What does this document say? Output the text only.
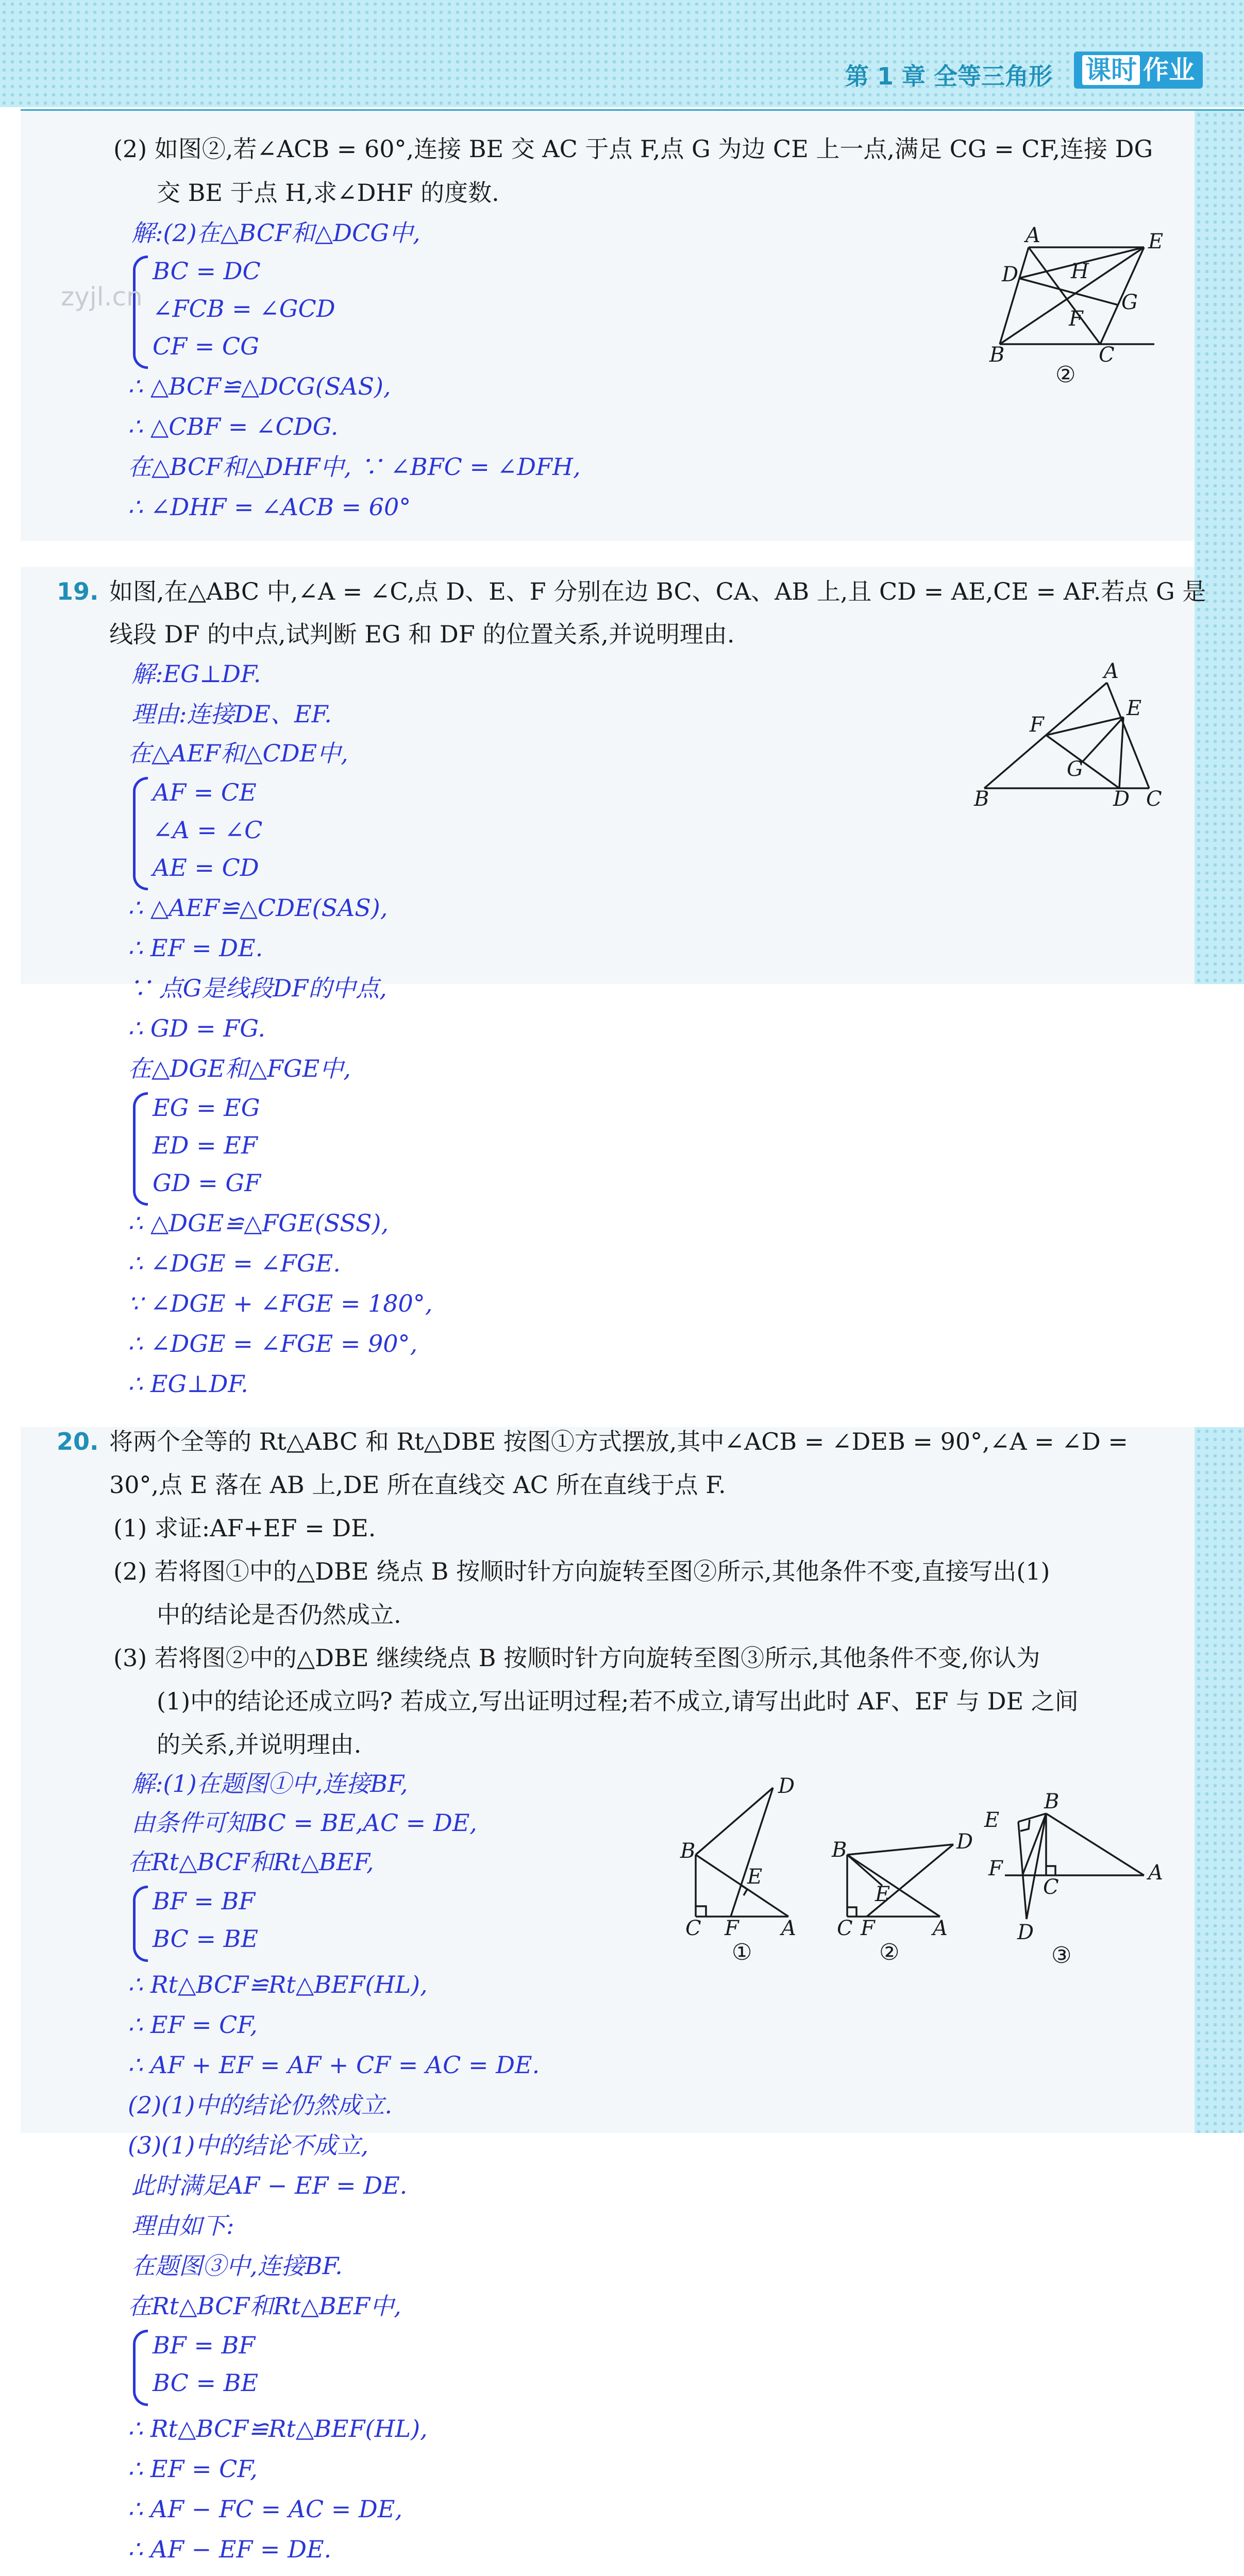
第 1 章 全等三角形	课时 作业
(2) 如图②,若∠ACB = 60°,连接 BE 交 AC 于点 F,点 G 为边 CE 上一点,满足 CG = CF,连接 DG
交 BE 于点 H,求∠DHF 的度数.
解:(2)在△BCF和△DCG中,
BC = DC
∠FCB = ∠GCD
CF = CG
∴ △BCF≌△DCG(SAS),
∴ △CBF = ∠CDG.
在△BCF和△DHF中, ∵ ∠BFC = ∠DFH,
∴ ∠DHF = ∠ACB = 60°
A	E
D	H
G
F
B	C
②
19. 如图,在△ABC 中,∠A = ∠C,点 D、E、F 分别在边 BC、CA、AB 上,且 CD = AE,CE = AF.若点 G 是
线段 DF 的中点,试判断 EG 和 DF 的位置关系,并说明理由.
解:EG⊥DF.
理由:连接DE、EF.
在△AEF和△CDE中,
AF = CE
∠A = ∠C
AE = CD
∴ △AEF≌△CDE(SAS),
∴ EF = DE.
∵ 点G是线段DF的中点,
∴ GD = FG.
在△DGE和△FGE中,
EG = EG
ED = EF
GD = GF
∴ △DGE≌△FGE(SSS),
∴ ∠DGE = ∠FGE.
∵ ∠DGE + ∠FGE = 180°,
∴ ∠DGE = ∠FGE = 90°,
∴ EG⊥DF.
A
E
F
G
B	D C
20. 将两个全等的 Rt△ABC 和 Rt△DBE 按图①方式摆放,其中∠ACB = ∠DEB = 90°,∠A = ∠D =
30°,点 E 落在 AB 上,DE 所在直线交 AC 所在直线于点 F.
(1) 求证:AF+EF = DE.
(2) 若将图①中的△DBE 绕点 B 按顺时针方向旋转至图②所示,其他条件不变,直接写出(1)
中的结论是否仍然成立.
(3) 若将图②中的△DBE 继续绕点 B 按顺时针方向旋转至图③所示,其他条件不变,你认为
(1)中的结论还成立吗? 若成立,写出证明过程;若不成立,请写出此时 AF、EF 与 DE 之间
的关系,并说明理由.
解:(1)在题图①中,连接BF,
由条件可知BC = BE,AC = DE,
在Rt△BCF和Rt△BEF,
BF = BF
BC = BE
∴ Rt△BCF≌Rt△BEF(HL),
∴ EF = CF,
∴ AF + EF = AF + CF = AC = DE.
(2)(1)中的结论仍然成立.
(3)(1)中的结论不成立,
此时满足AF − EF = DE.
理由如下:
在题图③中,连接BF.
在Rt△BCF和Rt△BEF中,
BF = BF
BC = BE
∴ Rt△BCF≌Rt△BEF(HL),
∴ EF = CF,
∴ AF − FC = AC = DE,
∴ AF − EF = DE.
D
B
E
C F A
①
B	D
E
C F	A
②
B
E
F
C
A
D
③
zyjl.cn
